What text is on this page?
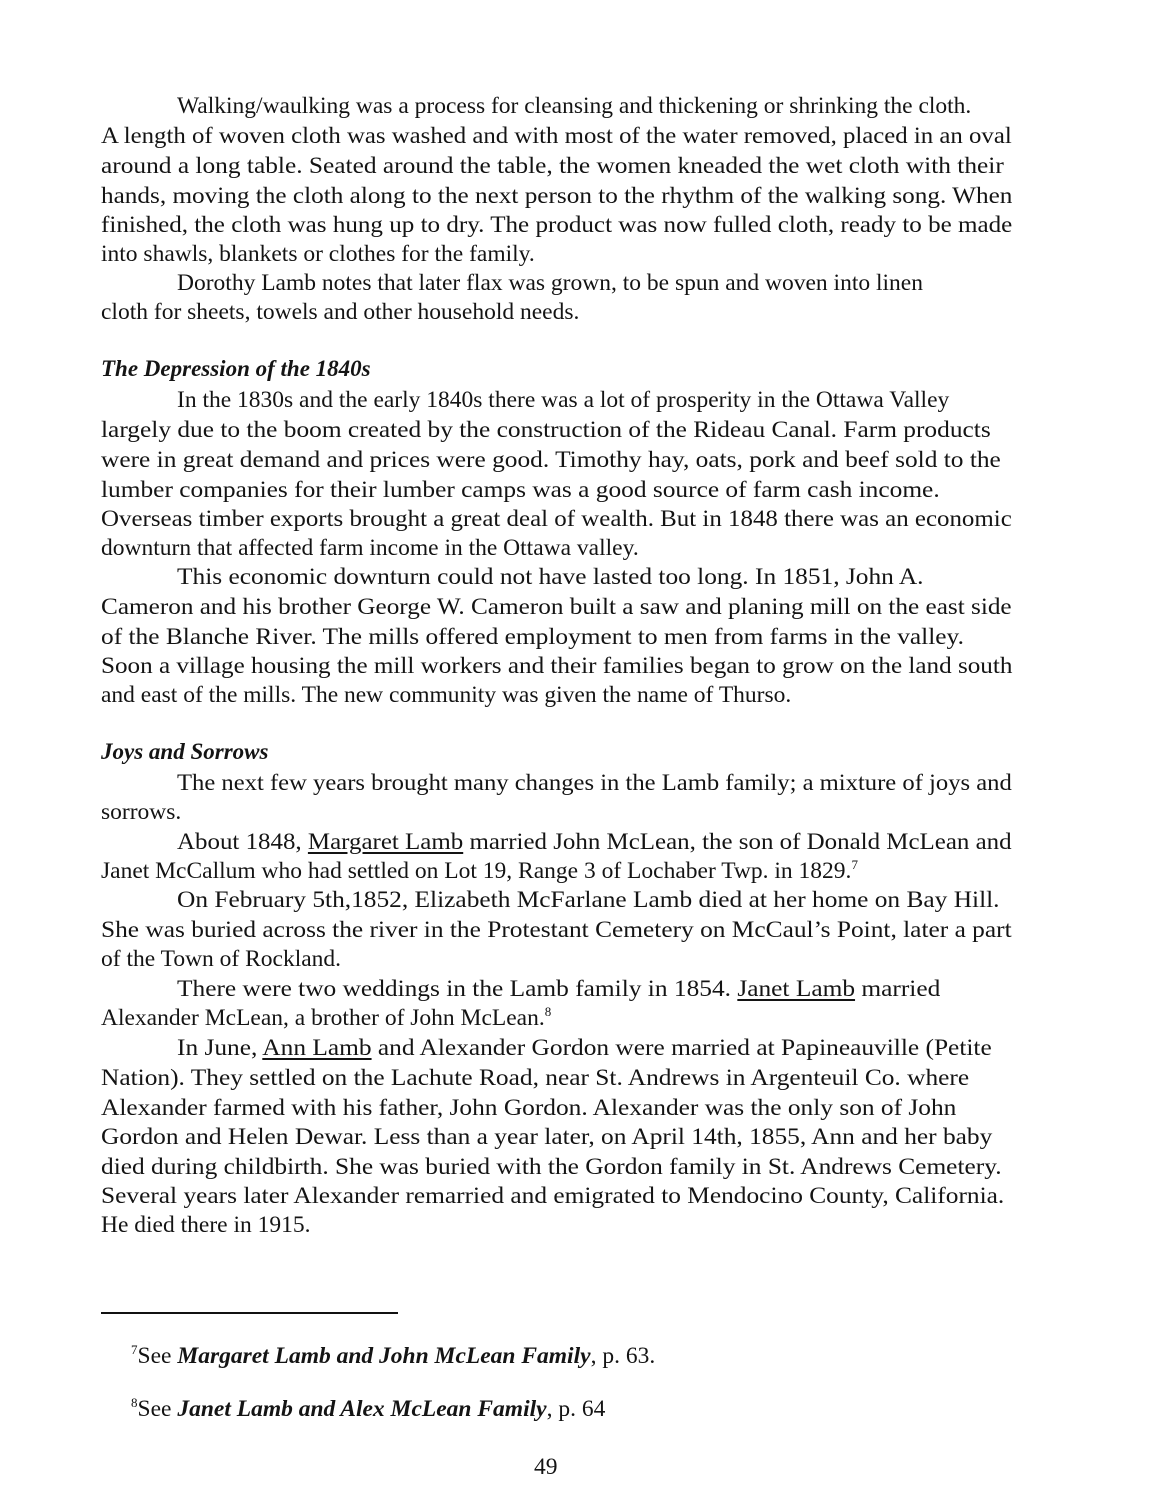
Walking/waulking was a process for cleansing and thickening or shrinking the cloth.
A length of woven cloth was washed and with most of the water removed, placed in an oval
around a long table. Seated around the table, the women kneaded the wet cloth with their
hands, moving the cloth along to the next person to the rhythm of the walking song. When
finished, the cloth was hung up to dry. The product was now fulled cloth, ready to be made
into shawls, blankets or clothes for the family.
Dorothy Lamb notes that later flax was grown, to be spun and woven into linen
cloth for sheets, towels and other household needs.
The Depression of the 1840s
In the 1830s and the early 1840s there was a lot of prosperity in the Ottawa Valley
largely due to the boom created by the construction of the Rideau Canal. Farm products
were in great demand and prices were good. Timothy hay, oats, pork and beef sold to the
lumber companies for their lumber camps was a good source of farm cash income.
Overseas timber exports brought a great deal of wealth. But in 1848 there was an economic
downturn that affected farm income in the Ottawa valley.
This economic downturn could not have lasted too long. In 1851, John A.
Cameron and his brother George W. Cameron built a saw and planing mill on the east side
of the Blanche River. The mills offered employment to men from farms in the valley.
Soon a village housing the mill workers and their families began to grow on the land south
and east of the mills. The new community was given the name of Thurso.
Joys and Sorrows
The next few years brought many changes in the Lamb family; a mixture of joys and
sorrows.
About 1848, Margaret Lamb married John McLean, the son of Donald McLean and
Janet McCallum who had settled on Lot 19, Range 3 of Lochaber Twp. in 1829.$^7$
On February 5th,1852, Elizabeth McFarlane Lamb died at her home on Bay Hill.
She was buried across the river in the Protestant Cemetery on McCaul’s Point, later a part
of the Town of Rockland.
There were two weddings in the Lamb family in 1854. Janet Lamb married
Alexander McLean, a brother of John McLean.$^8$
In June, Ann Lamb and Alexander Gordon were married at Papineauville (Petite
Nation). They settled on the Lachute Road, near St. Andrews in Argenteuil Co. where
Alexander farmed with his father, John Gordon. Alexander was the only son of John
Gordon and Helen Dewar. Less than a year later, on April 14th, 1855, Ann and her baby
died during childbirth. She was buried with the Gordon family in St. Andrews Cemetery.
Several years later Alexander remarried and emigrated to Mendocino County, California.
He died there in 1915.
$^7$See Margaret Lamb and John McLean Family, p. 63.
$^8$See Janet Lamb and Alex McLean Family, p. 64
49
